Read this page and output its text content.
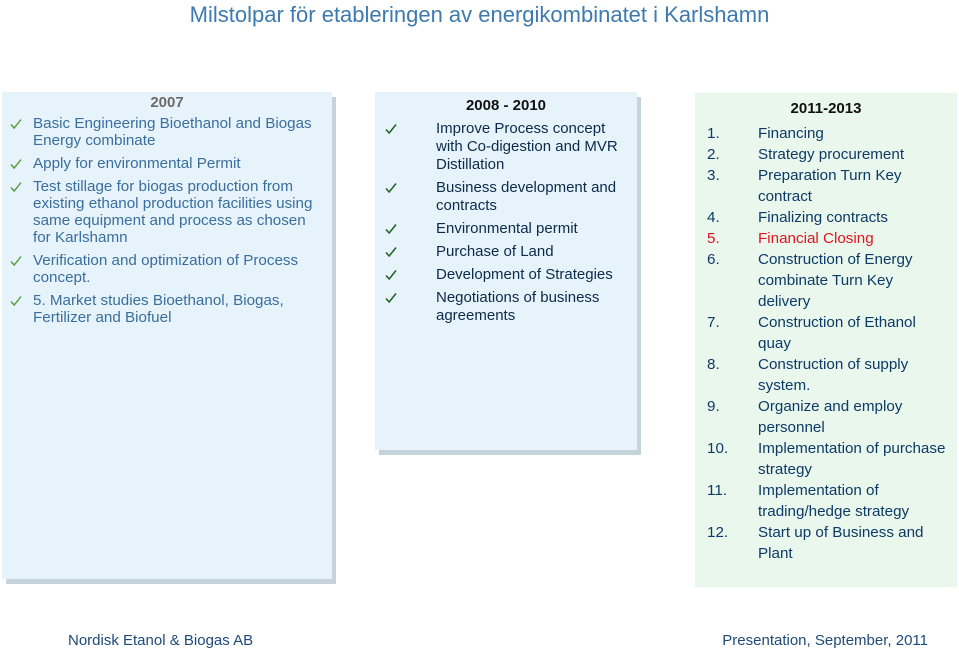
Milstolpar för etableringen av energikombinatet i Karlshamn
2007
Basic Engineering Bioethanol and Biogas Energy combinate
Apply for environmental Permit
Test stillage for biogas production from existing ethanol production facilities using same equipment and process as chosen for Karlshamn
Verification and optimization of Process concept.
5. Market studies Bioethanol, Biogas, Fertilizer and Biofuel
2008 - 2010
Improve Process concept with Co-digestion and MVR Distillation
Business development and contracts
Environmental permit
Purchase of Land
Development of Strategies
Negotiations of business agreements
2011-2013
1.	Financing
2.	Strategy procurement
3.	Preparation Turn Key contract
4.	Finalizing contracts
5.	Financial Closing
6.	Construction of Energy combinate Turn Key delivery
7.	Construction of Ethanol quay
8.	Construction of supply system.
9.	Organize and employ personnel
10. Implementation of purchase strategy
11. Implementation of trading/hedge strategy
12. Start up of Business and Plant
Nordisk Etanol & Biogas AB	Presentation, September, 2011
